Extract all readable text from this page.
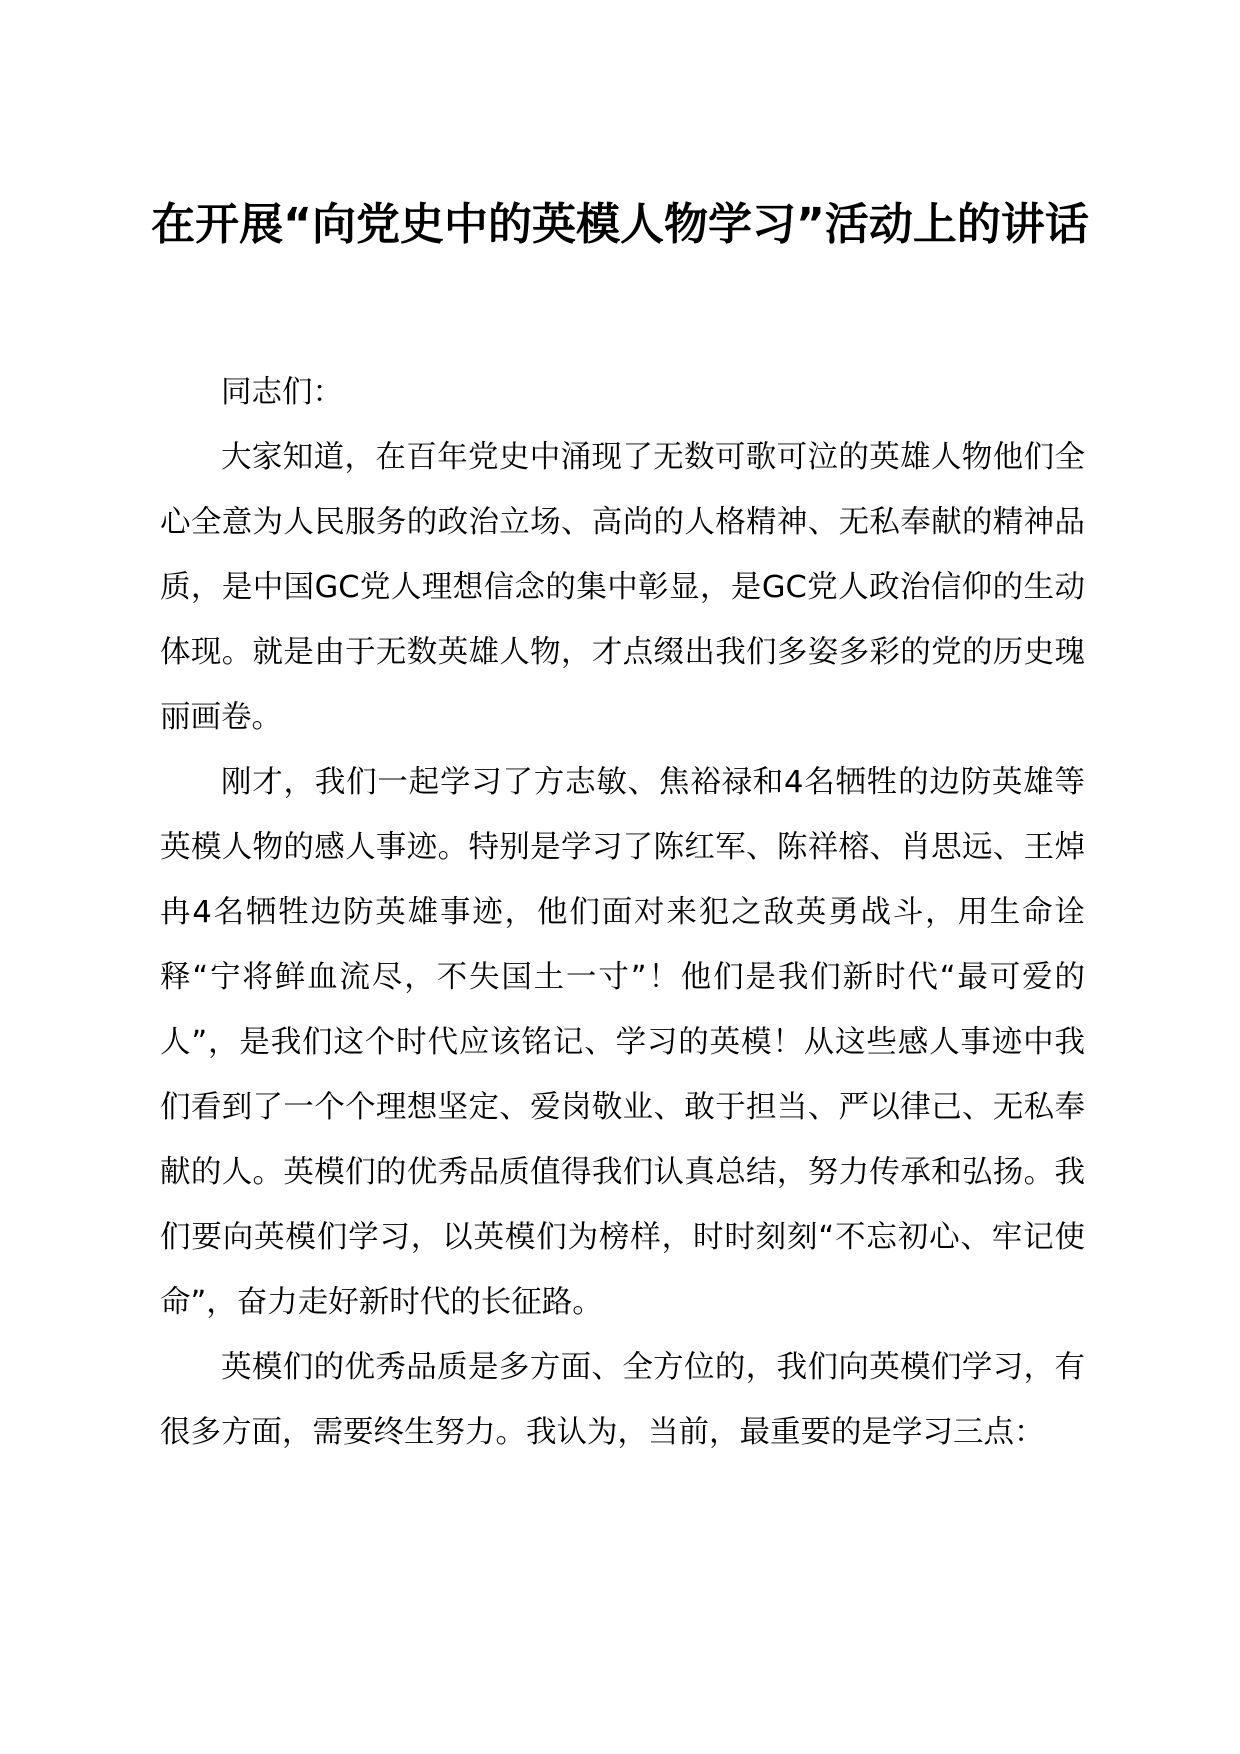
在开展“向党史中的英模人物学习”活动上的讲话

同志们：

大家知道，在百年党史中涌现了无数可歌可泣的英雄人物他们全心全意为人民服务的政治立场、高尚的人格精神、无私奉献的精神品质，是中国GC党人理想信念的集中彰显，是GC党人政治信仰的生动体现。就是由于无数英雄人物，才点缀出我们多姿多彩的党的历史瑰丽画卷。

刚才，我们一起学习了方志敏、焦裕禄和4名牺牲的边防英雄等英模人物的感人事迹。特别是学习了陈红军、陈祥榕、肖思远、王焯冉4名牺牲边防英雄事迹，他们面对来犯之敌英勇战斗，用生命诠释“宁将鲜血流尽，不失国土一寸”！他们是我们新时代“最可爱的人”，是我们这个时代应该铭记、学习的英模！从这些感人事迹中我们看到了一个个理想坚定、爱岗敬业、敢于担当、严以律己、无私奉献的人。英模们的优秀品质值得我们认真总结，努力传承和弘扬。我们要向英模们学习，以英模们为榜样，时时刻刻“不忘初心、牢记使命”，奋力走好新时代的长征路。

英模们的优秀品质是多方面、全方位的，我们向英模们学习，有很多方面，需要终生努力。我认为，当前，最重要的是学习三点：
